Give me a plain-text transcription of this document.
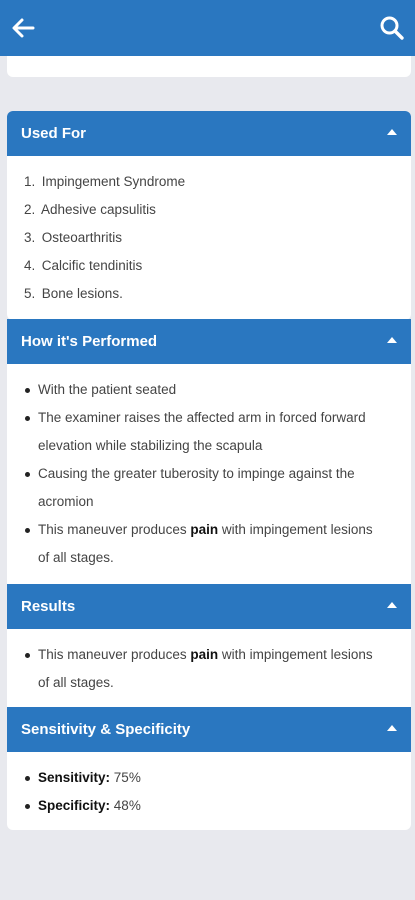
Used For
1. Impingement Syndrome
2. Adhesive capsulitis
3. Osteoarthritis
4. Calcific tendinitis
5. Bone lesions.
How it's Performed
With the patient seated
The examiner raises the affected arm in forced forward
elevation while stabilizing the scapula
Causing the greater tuberosity to impinge against the
acromion
This maneuver produces pain with impingement lesions
of all stages.
Results
This maneuver produces pain with impingement lesions
of all stages.
Sensitivity & Specificity
Sensitivity: 75%
Specificity: 48%
